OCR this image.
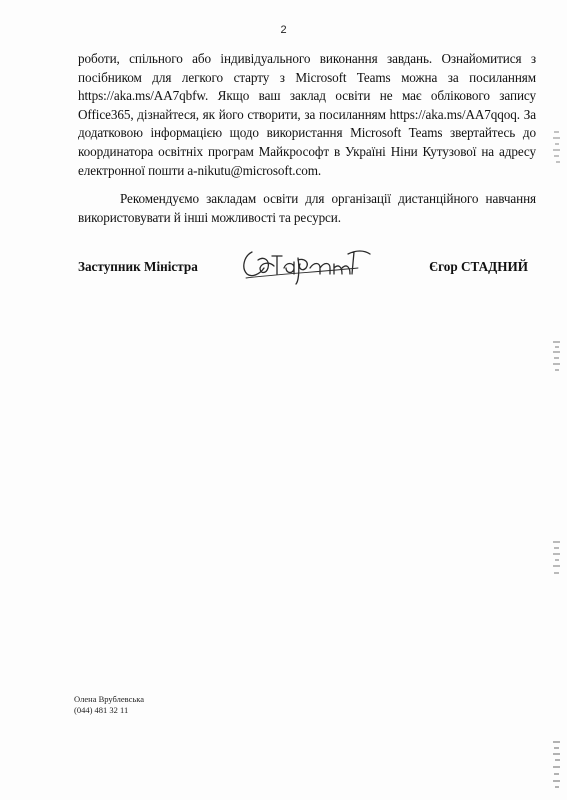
2

роботи, спільного або індивідуального виконання завдань. Ознайомитися з посібником для легкого старту з Microsoft Teams можна за посиланням https://aka.ms/AA7qbfw. Якщо ваш заклад освіти не має облікового запису Office365, дізнайтеся, як його створити, за посиланням https://aka.ms/AA7qqoq. За додатковою інформацією щодо використання Microsoft Teams звертайтесь до координатора освітніх програм Майкрософт в Україні Ніни Кутузової на адресу електронної пошти a-nikutu@microsoft.com.

Рекомендуємо закладам освіти для організації дистанційного навчання використовувати й інші можливості та ресурси.

Заступник Міністра	Єгор СТАДНИЙ
Олена Врублевська
(044) 481 32 11
